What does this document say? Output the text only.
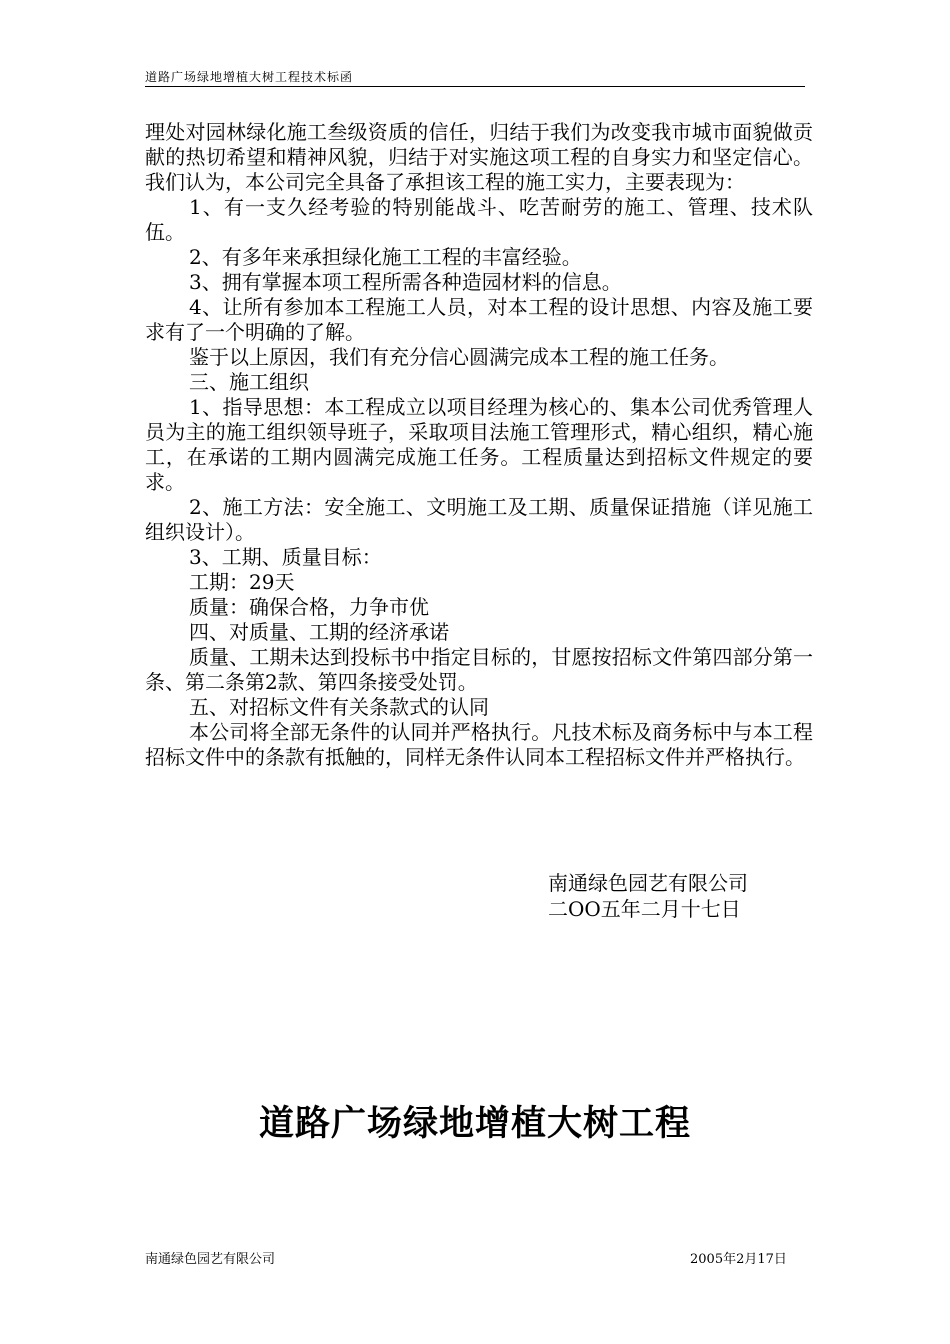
道路广场绿地增植大树工程技术标函

理处对园林绿化施工叁级资质的信任，归结于我们为改变我市城市面貌做贡献的热切希望和精神风貌，归结于对实施这项工程的自身实力和坚定信心。我们认为，本公司完全具备了承担该工程的施工实力，主要表现为：

1、有一支久经考验的特别能战斗、吃苦耐劳的施工、管理、技术队伍。

2、有多年来承担绿化施工工程的丰富经验。

3、拥有掌握本项工程所需各种造园材料的信息。

4、让所有参加本工程施工人员，对本工程的设计思想、内容及施工要求有了一个明确的了解。

鉴于以上原因，我们有充分信心圆满完成本工程的施工任务。

三、施工组织

1、指导思想：本工程成立以项目经理为核心的、集本公司优秀管理人员为主的施工组织领导班子，采取项目法施工管理形式，精心组织，精心施工，在承诺的工期内圆满完成施工任务。工程质量达到招标文件规定的要求。

2、施工方法：安全施工、文明施工及工期、质量保证措施（详见施工组织设计）。

3、工期、质量目标：

工期：29天

质量：确保合格，力争市优

四、对质量、工期的经济承诺

质量、工期未达到投标书中指定目标的，甘愿按招标文件第四部分第一条、第二条第2款、第四条接受处罚。

五、对招标文件有关条款式的认同

本公司将全部无条件的认同并严格执行。凡技术标及商务标中与本工程招标文件中的条款有抵触的，同样无条件认同本工程招标文件并严格执行。

南通绿色园艺有限公司
二OO五年二月十七日
道路广场绿地增植大树工程
南通绿色园艺有限公司	2005年2月17日
